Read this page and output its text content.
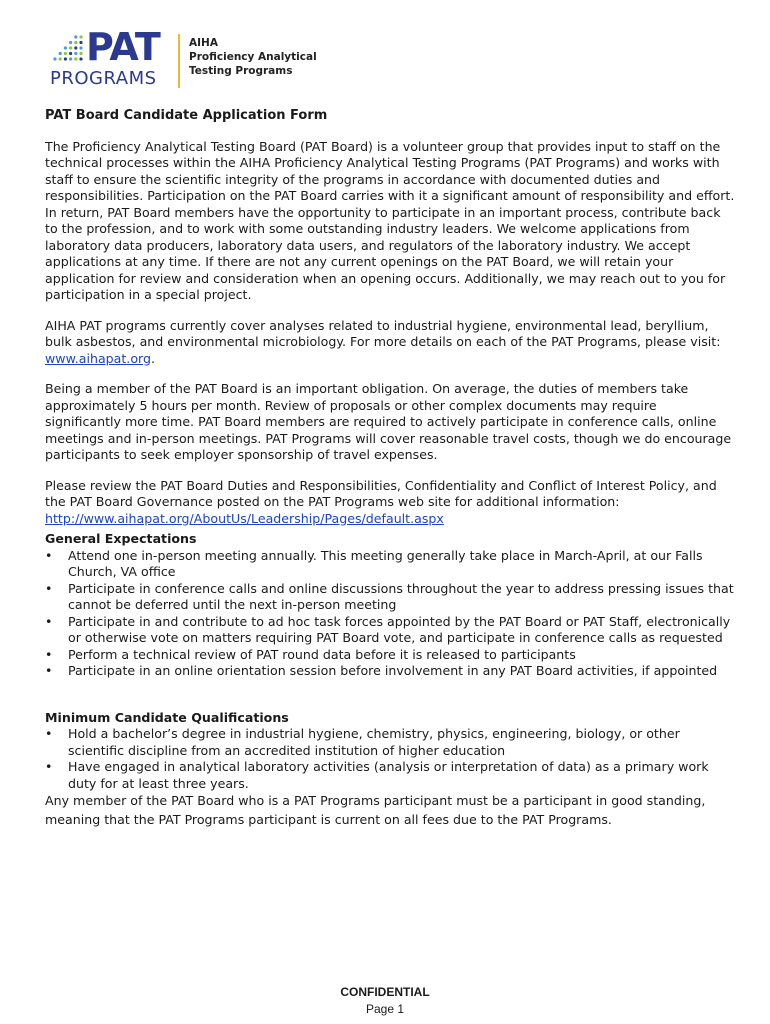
PAT
PROGRAMS
AIHA
Proficiency Analytical
Testing Programs

PAT Board Candidate Application Form

The Proficiency Analytical Testing Board (PAT Board) is a volunteer group that provides input to staff on the technical processes within the AIHA Proficiency Analytical Testing Programs (PAT Programs) and works with staff to ensure the scientific integrity of the programs in accordance with documented duties and responsibilities. Participation on the PAT Board carries with it a significant amount of responsibility and effort. In return, PAT Board members have the opportunity to participate in an important process, contribute back to the profession, and to work with some outstanding industry leaders. We welcome applications from laboratory data producers, laboratory data users, and regulators of the laboratory industry. We accept applications at any time. If there are not any current openings on the PAT Board, we will retain your application for review and consideration when an opening occurs. Additionally, we may reach out to you for participation in a special project.

AIHA PAT programs currently cover analyses related to industrial hygiene, environmental lead, beryllium, bulk asbestos, and environmental microbiology. For more details on each of the PAT Programs, please visit: www.aihapat.org.

Being a member of the PAT Board is an important obligation. On average, the duties of members take approximately 5 hours per month. Review of proposals or other complex documents may require significantly more time. PAT Board members are required to actively participate in conference calls, online meetings and in-person meetings. PAT Programs will cover reasonable travel costs, though we do encourage participants to seek employer sponsorship of travel expenses.

Please review the PAT Board Duties and Responsibilities, Confidentiality and Conflict of Interest Policy, and the PAT Board Governance posted on the PAT Programs web site for additional information: http://www.aihapat.org/AboutUs/Leadership/Pages/default.aspx

General Expectations

• Attend one in-person meeting annually. This meeting generally take place in March-April, at our Falls Church, VA office
• Participate in conference calls and online discussions throughout the year to address pressing issues that cannot be deferred until the next in-person meeting
• Participate in and contribute to ad hoc task forces appointed by the PAT Board or PAT Staff, electronically or otherwise vote on matters requiring PAT Board vote, and participate in conference calls as requested
• Perform a technical review of PAT round data before it is released to participants
• Participate in an online orientation session before involvement in any PAT Board activities, if appointed

Minimum Candidate Qualifications

• Hold a bachelor’s degree in industrial hygiene, chemistry, physics, engineering, biology, or other scientific discipline from an accredited institution of higher education
• Have engaged in analytical laboratory activities (analysis or interpretation of data) as a primary work duty for at least three years.

Any member of the PAT Board who is a PAT Programs participant must be a participant in good standing, meaning that the PAT Programs participant is current on all fees due to the PAT Programs.

CONFIDENTIAL
Page 1
